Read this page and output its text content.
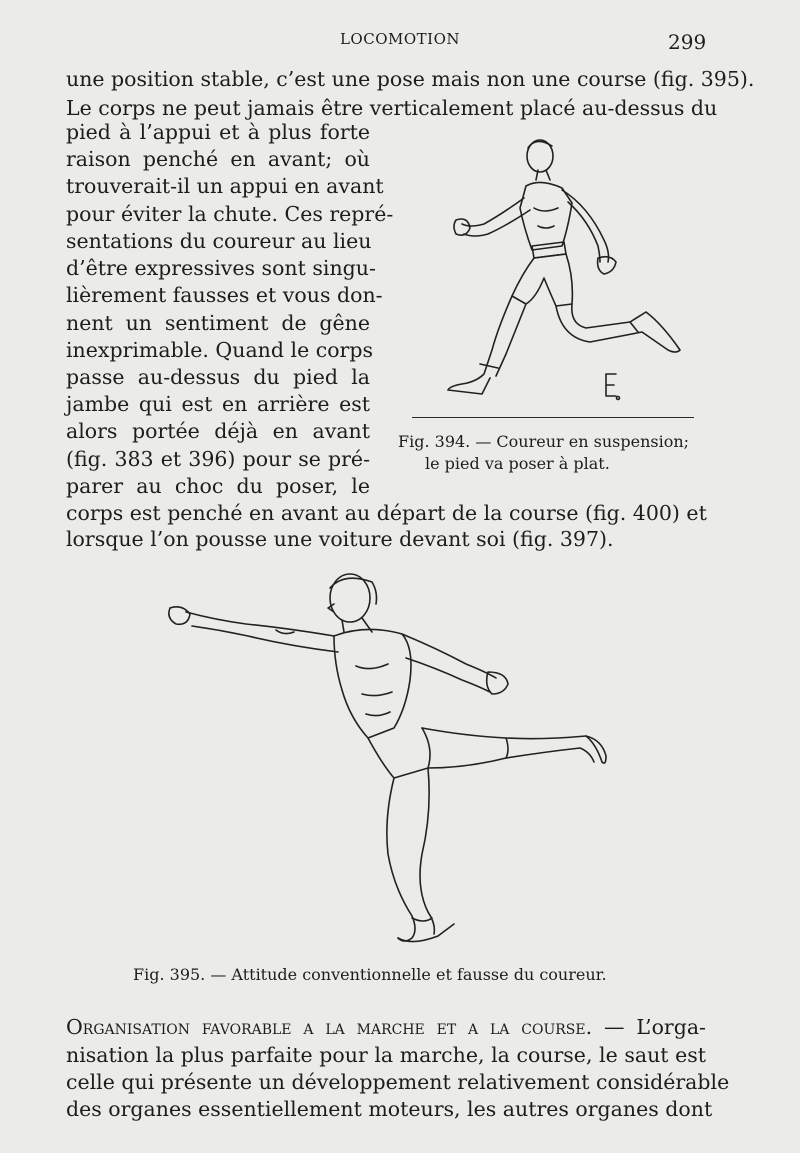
LOCOMOTION	299
une position stable, c’est une pose mais non une course (fig. 395).
Le corps ne peut jamais être verticalement placé au-dessus du
pied à l’appui et à plus forte
raison penché en avant; où
trouverait-il un appui en avant
pour éviter la chute. Ces repré-
sentations du coureur au lieu
d’être expressives sont singu-
lièrement fausses et vous don-
nent un sentiment de gêne
inexprimable. Quand le corps
passe au-dessus du pied la
jambe qui est en arrière est
alors portée déjà en avant
(fig. 383 et 396) pour se pré-
parer au choc du poser, le
corps est penché en avant au départ de la course (fig. 400) et
lorsque l’on pousse une voiture devant soi (fig. 397).
Fig. 394. — Coureur en suspension;
le pied va poser à plat.
Fig. 395. — Attitude conventionnelle et fausse du coureur.
Organisation favorable a la marche et a la course. — L’orga-
nisation la plus parfaite pour la marche, la course, le saut est
celle qui présente un développement relativement considérable
des organes essentiellement moteurs, les autres organes dont
